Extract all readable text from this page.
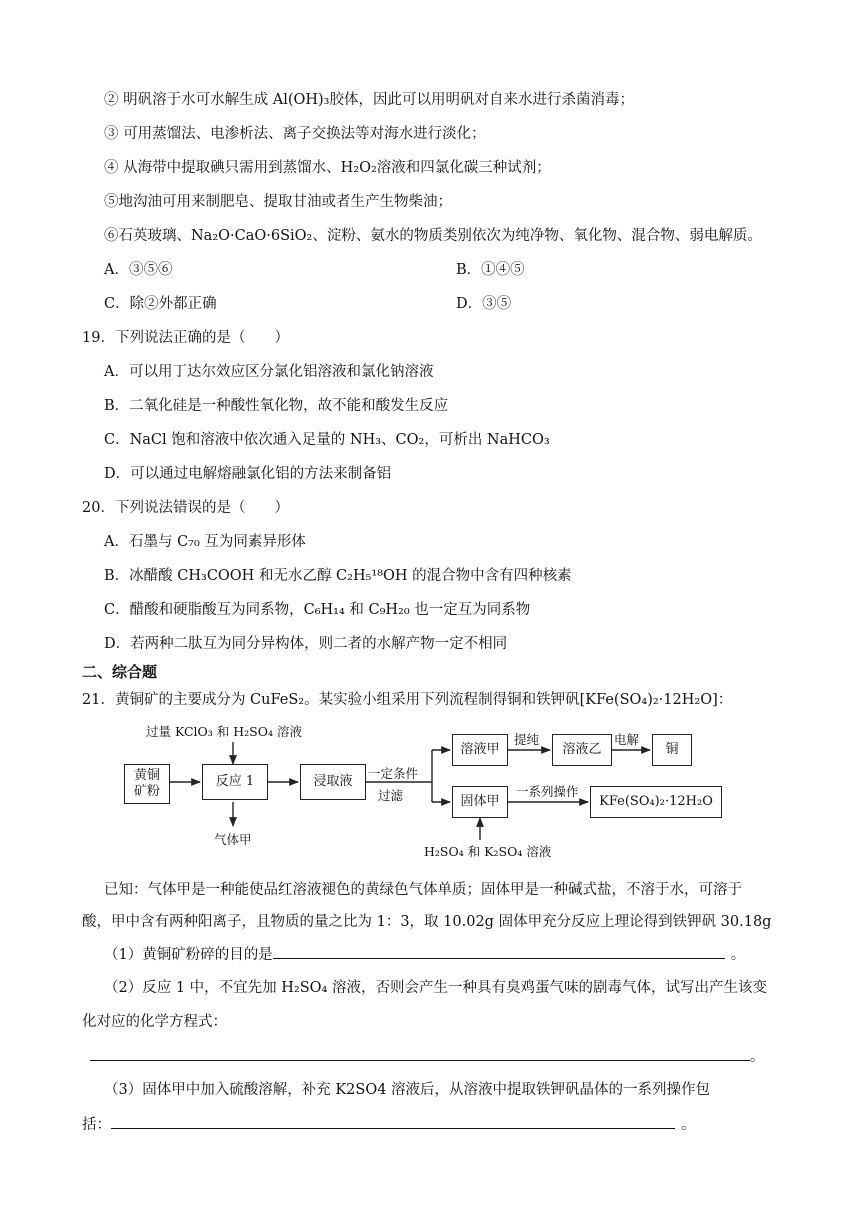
② 明矾溶于水可水解生成 Al(OH)₃胶体，因此可以用明矾对自来水进行杀菌消毒；
③ 可用蒸馏法、电渗析法、离子交换法等对海水进行淡化；
④ 从海带中提取碘只需用到蒸馏水、H₂O₂溶液和四氯化碳三种试剂；
⑤地沟油可用来制肥皂、提取甘油或者生产生物柴油；
⑥石英玻璃、Na₂O·CaO·6SiO₂、淀粉、氨水的物质类别依次为纯净物、氧化物、混合物、弱电解质。
A．③⑤⑥	B．①④⑤
C．除②外都正确	D．③⑤
19．下列说法正确的是（　　）
A．可以用丁达尔效应区分氯化铝溶液和氯化钠溶液
B．二氧化硅是一种酸性氧化物，故不能和酸发生反应
C．NaCl 饱和溶液中依次通入足量的 NH₃、CO₂，可析出 NaHCO₃
D．可以通过电解熔融氯化铝的方法来制备铝
20．下列说法错误的是（　　）
A．石墨与 C₇₀ 互为同素异形体
B．冰醋酸 CH₃COOH 和无水乙醇 C₂H₅¹⁸OH 的混合物中含有四种核素
C．醋酸和硬脂酸互为同系物，C₆H₁₄ 和 C₉H₂₀ 也一定互为同系物
D．若两种二肽互为同分异构体，则二者的水解产物一定不相同
二、综合题
21．黄铜矿的主要成分为 CuFeS₂。某实验小组采用下列流程制得铜和铁钾矾[KFe(SO₄)₂·12H₂O]：
过量 KClO₃ 和 H₂SO₄ 溶液
黄铜
矿粉
反应 1
气体甲
浸取液
一定条件
过滤
溶液甲
提纯
溶液乙
电解
铜
固体甲
一系列操作
KFe(SO₄)₂·12H₂O
H₂SO₄ 和 K₂SO₄ 溶液
已知：气体甲是一种能使品红溶液褪色的黄绿色气体单质；固体甲是一种碱式盐，不溶于水，可溶于
酸，甲中含有两种阳离子，且物质的量之比为 1：3，取 10.02g 固体甲充分反应上理论得到铁钾矾 30.18g
（1）黄铜矿粉碎的目的是	。
（2）反应 1 中，不宜先加 H₂SO₄ 溶液，否则会产生一种具有臭鸡蛋气味的剧毒气体，试写出产生该变
化对应的化学方程式：
。
（3）固体甲中加入硫酸溶解，补充 K2SO4 溶液后，从溶液中提取铁钾矾晶体的一系列操作包
括：	。
